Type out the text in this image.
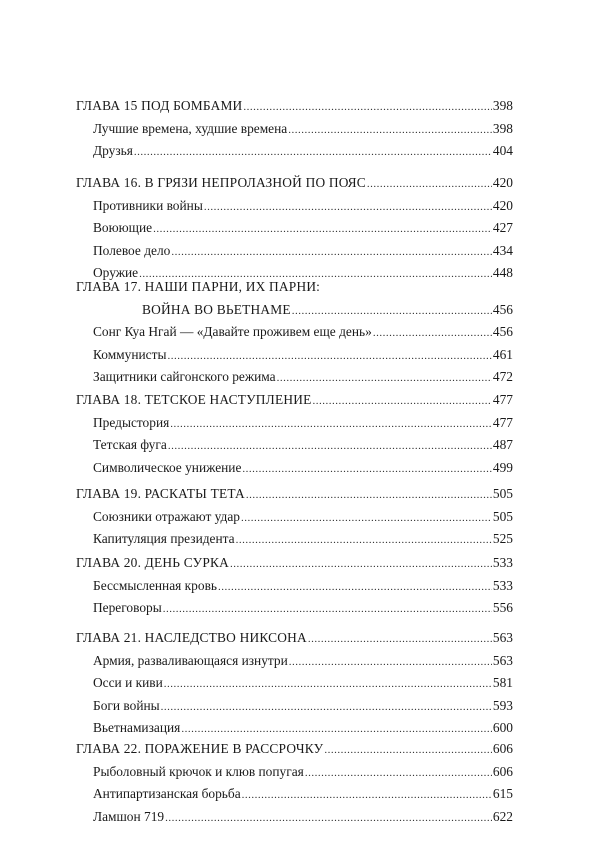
ГЛАВА 15 ПОД БОМБАМИ .....	398
Лучшие времена, худшие времена .....	398
Друзья .....	404
ГЛАВА 16. В ГРЯЗИ НЕПРОЛАЗНОЙ ПО ПОЯС .....	420
Противники войны .....	420
Воюющие .....	427
Полевое дело .....	434
Оружие .....	448
ГЛАВА 17. НАШИ ПАРНИ, ИХ ПАРНИ:
ВОЙНА ВО ВЬЕТНАМЕ .....	456
Сонг Куа Нгай — «Давайте проживем еще день» .....	456
Коммунисты .....	461
Защитники сайгонского режима .....	472
ГЛАВА 18. ТЕТСКОЕ НАСТУПЛЕНИЕ .....	477
Предыстория .....	477
Тетская фуга .....	487
Символическое унижение .....	499
ГЛАВА 19. РАСКАТЫ ТЕТА .....	505
Союзники отражают удар .....	505
Капитуляция президента .....	525
ГЛАВА 20. ДЕНЬ СУРКА .....	533
Бессмысленная кровь .....	533
Переговоры .....	556
ГЛАВА 21. НАСЛЕДСТВО НИКСОНА .....	563
Армия, разваливающаяся изнутри .....	563
Осси и киви .....	581
Боги войны .....	593
Вьетнамизация .....	600
ГЛАВА 22. ПОРАЖЕНИЕ В РАССРОЧКУ .....	606
Рыболовный крючок и клюв попугая .....	606
Антипартизанская борьба .....	615
Ламшон 719 .....	622
